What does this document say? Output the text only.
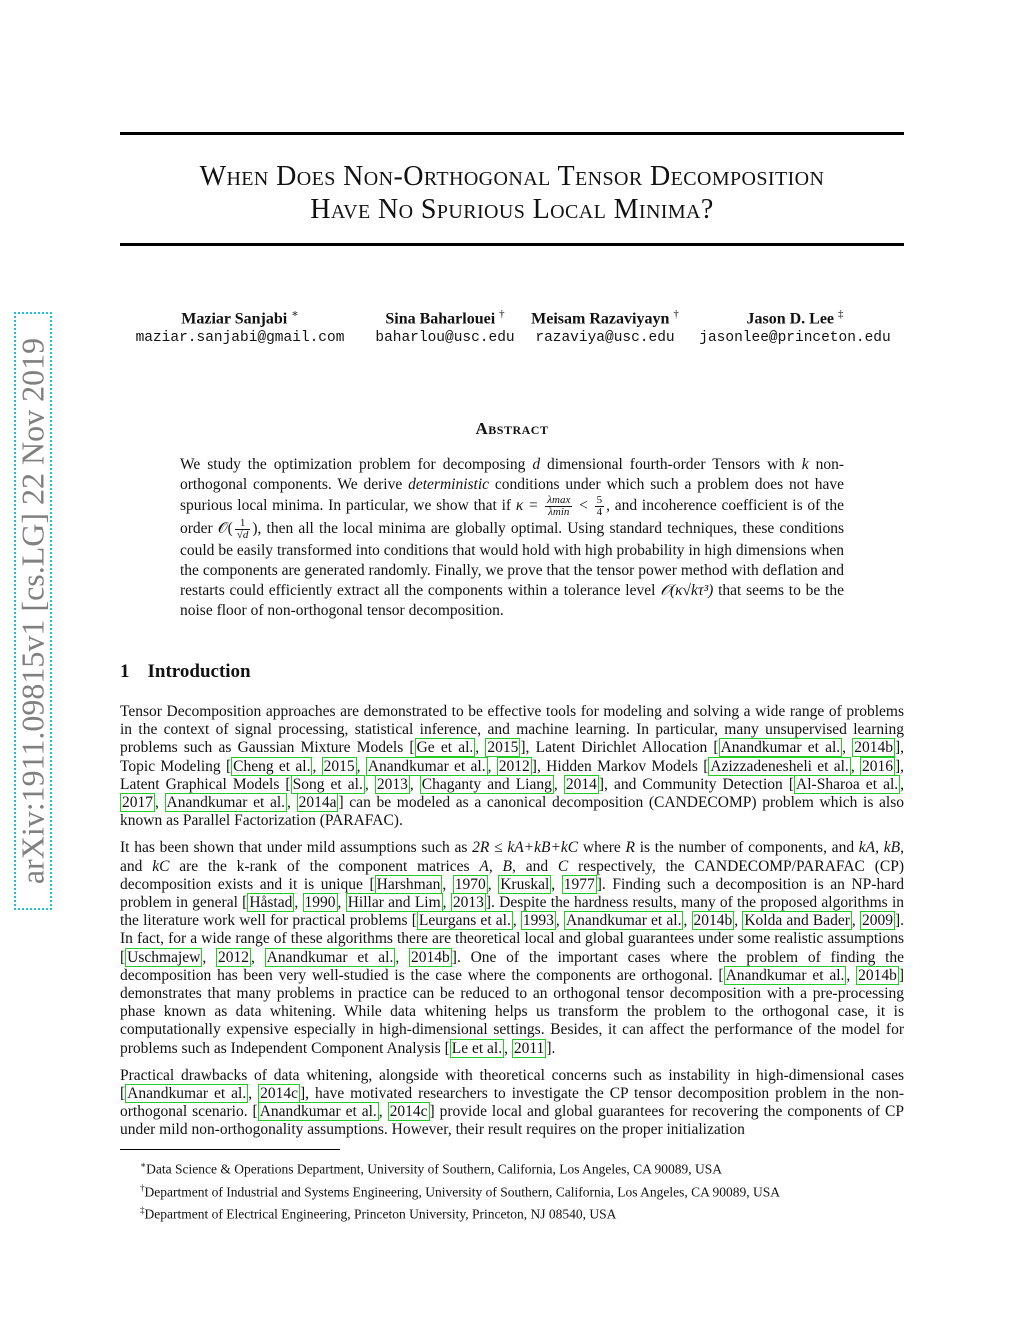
arXiv:1911.09815v1 [cs.LG] 22 Nov 2019
When Does Non-Orthogonal Tensor Decomposition
Have No Spurious Local Minima?
Maziar Sanjabi ∗
maziar.sanjabi@gmail.com
Sina Baharlouei †
baharlou@usc.edu
Meisam Razaviyayn †
razaviya@usc.edu
Jason D. Lee ‡
jasonlee@princeton.edu
Abstract

We study the optimization problem for decomposing d dimensional fourth-order Tensors with k non-orthogonal components. We derive deterministic conditions under which such a problem does not have spurious local minima. In particular, we show that if $\kappa = \frac{\lambda\max}{\lambda\min} < \frac{5}{4}$ , and incoherence coefficient is of the order 𝒪( $\frac{1}{√d}$ ), then all the local minima are globally optimal. Using standard techniques, these conditions could be easily transformed into conditions that would hold with high probability in high dimensions when the components are generated randomly. Finally, we prove that the tensor power method with deflation and restarts could efficiently extract all the components within a tolerance level 𝒪(κ√kτ³) that seems to be the noise floor of non-orthogonal tensor decomposition.

1 Introduction

Tensor Decomposition approaches are demonstrated to be effective tools for modeling and solving a wide range of problems in the context of signal processing, statistical inference, and machine learning. In particular, many unsupervised learning problems such as Gaussian Mixture Models [ Ge et al. , 2015 ], Latent Dirichlet Allocation [ Anandkumar et al. , 2014b ], Topic Modeling [ Cheng et al. , 2015 , Anandkumar et al. , 2012 ], Hidden Markov Models [ Azizzadenesheli et al. , 2016 ], Latent Graphical Models [ Song et al. , 2013 , Chaganty and Liang , 2014 ], and Community Detection [ Al-Sharoa et al. , 2017 , Anandkumar et al. , 2014a ] can be modeled as a canonical decomposition (CANDECOMP) problem which is also known as Parallel Factorization (PARAFAC).

It has been shown that under mild assumptions such as 2R ≤ kA+kB+kC where R is the number of components, and kA, kB, and kC are the k-rank of the component matrices A, B, and C respectively, the CANDECOMP/PARAFAC (CP) decomposition exists and it is unique [ Harshman , 1970 , Kruskal , 1977 ]. Finding such a decomposition is an NP-hard problem in general [ Håstad , 1990 , Hillar and Lim , 2013 ]. Despite the hardness results, many of the proposed algorithms in the literature work well for practical problems [ Leurgans et al. , 1993 , Anandkumar et al. , 2014b , Kolda and Bader , 2009 ]. In fact, for a wide range of these algorithms there are theoretical local and global guarantees under some realistic assumptions [ Uschmajew , 2012 , Anandkumar et al. , 2014b ]. One of the important cases where the problem of finding the decomposition has been very well-studied is the case where the components are orthogonal. [ Anandkumar et al. , 2014b ] demonstrates that many problems in practice can be reduced to an orthogonal tensor decomposition with a pre-processing phase known as data whitening. While data whitening helps us transform the problem to the orthogonal case, it is computationally expensive especially in high-dimensional settings. Besides, it can affect the performance of the model for problems such as Independent Component Analysis [ Le et al. , 2011 ].

Practical drawbacks of data whitening, alongside with theoretical concerns such as instability in high-dimensional cases [ Anandkumar et al. , 2014c ], have motivated researchers to investigate the CP tensor decomposition problem in the non-orthogonal scenario. [ Anandkumar et al. , 2014c ] provide local and global guarantees for recovering the components of CP under mild non-orthogonality assumptions. However, their result requires on the proper initialization

∗Data Science & Operations Department, University of Southern, California, Los Angeles, CA 90089, USA
†Department of Industrial and Systems Engineering, University of Southern, California, Los Angeles, CA 90089, USA
‡Department of Electrical Engineering, Princeton University, Princeton, NJ 08540, USA
